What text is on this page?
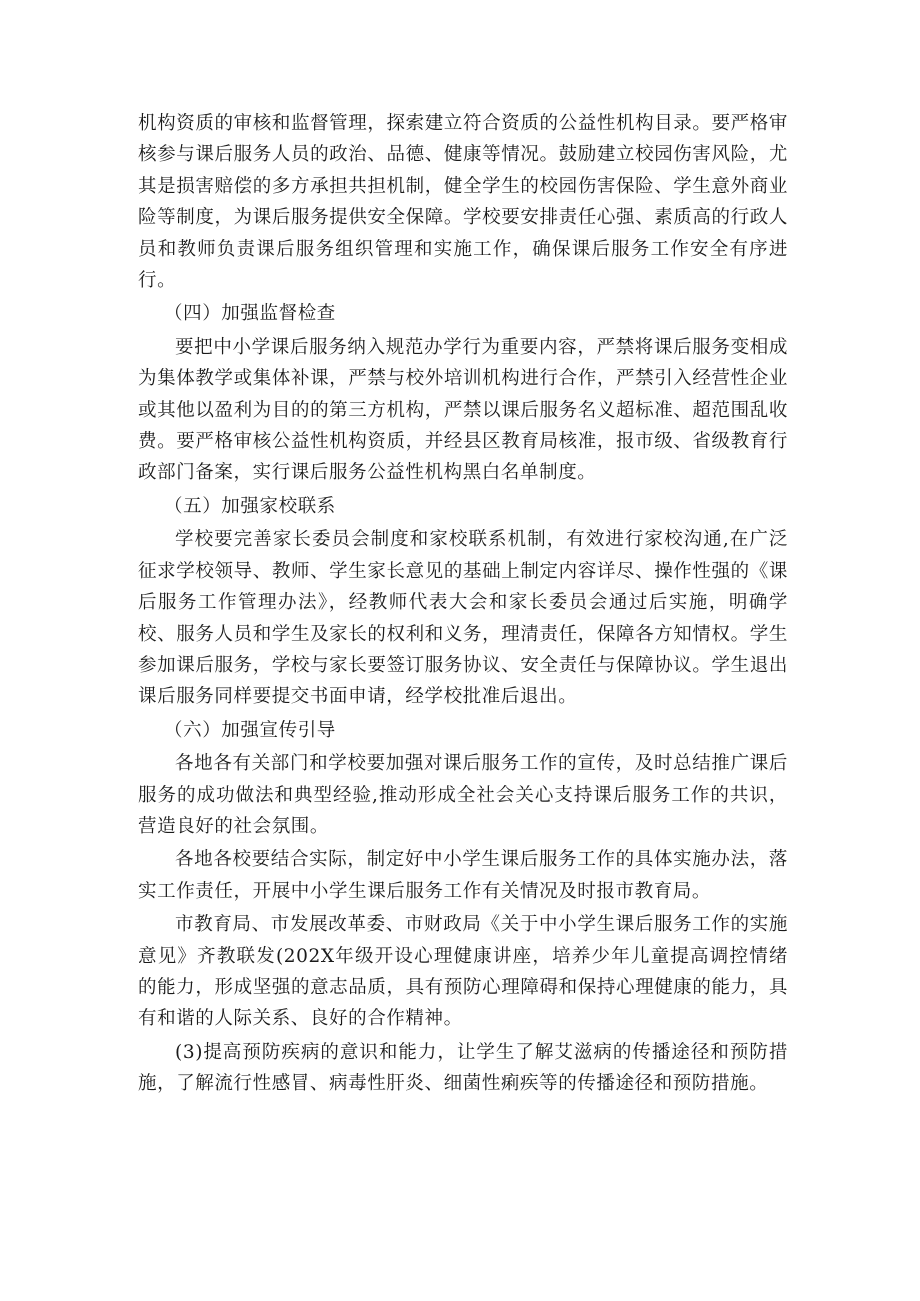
机构资质的审核和监督管理，探索建立符合资质的公益性机构目录。要严格审核参与课后服务人员的政治、品德、健康等情况。鼓励建立校园伤害风险，尤其是损害赔偿的多方承担共担机制，健全学生的校园伤害保险、学生意外商业险等制度，为课后服务提供安全保障。学校要安排责任心强、素质高的行政人员和教师负责课后服务组织管理和实施工作，确保课后服务工作安全有序进行。

（四）加强监督检查

要把中小学课后服务纳入规范办学行为重要内容，严禁将课后服务变相成为集体教学或集体补课，严禁与校外培训机构进行合作，严禁引入经营性企业或其他以盈利为目的的第三方机构，严禁以课后服务名义超标准、超范围乱收费。要严格审核公益性机构资质，并经县区教育局核准，报市级、省级教育行政部门备案，实行课后服务公益性机构黑白名单制度。

（五）加强家校联系

学校要完善家长委员会制度和家校联系机制，有效进行家校沟通,在广泛征求学校领导、教师、学生家长意见的基础上制定内容详尽、操作性强的《课后服务工作管理办法》，经教师代表大会和家长委员会通过后实施，明确学校、服务人员和学生及家长的权利和义务，理清责任，保障各方知情权。学生参加课后服务，学校与家长要签订服务协议、安全责任与保障协议。学生退出课后服务同样要提交书面申请，经学校批准后退出。

（六）加强宣传引导

各地各有关部门和学校要加强对课后服务工作的宣传，及时总结推广课后服务的成功做法和典型经验,推动形成全社会关心支持课后服务工作的共识，营造良好的社会氛围。

各地各校要结合实际，制定好中小学生课后服务工作的具体实施办法，落实工作责任，开展中小学生课后服务工作有关情况及时报市教育局。

市教育局、市发展改革委、市财政局《关于中小学生课后服务工作的实施意见》齐教联发(202X年级开设心理健康讲座，培养少年儿童提高调控情绪的能力，形成坚强的意志品质，具有预防心理障碍和保持心理健康的能力，具有和谐的人际关系、良好的合作精神。

(3)提高预防疾病的意识和能力，让学生了解艾滋病的传播途径和预防措施，了解流行性感冒、病毒性肝炎、细菌性痢疾等的传播途径和预防措施。
